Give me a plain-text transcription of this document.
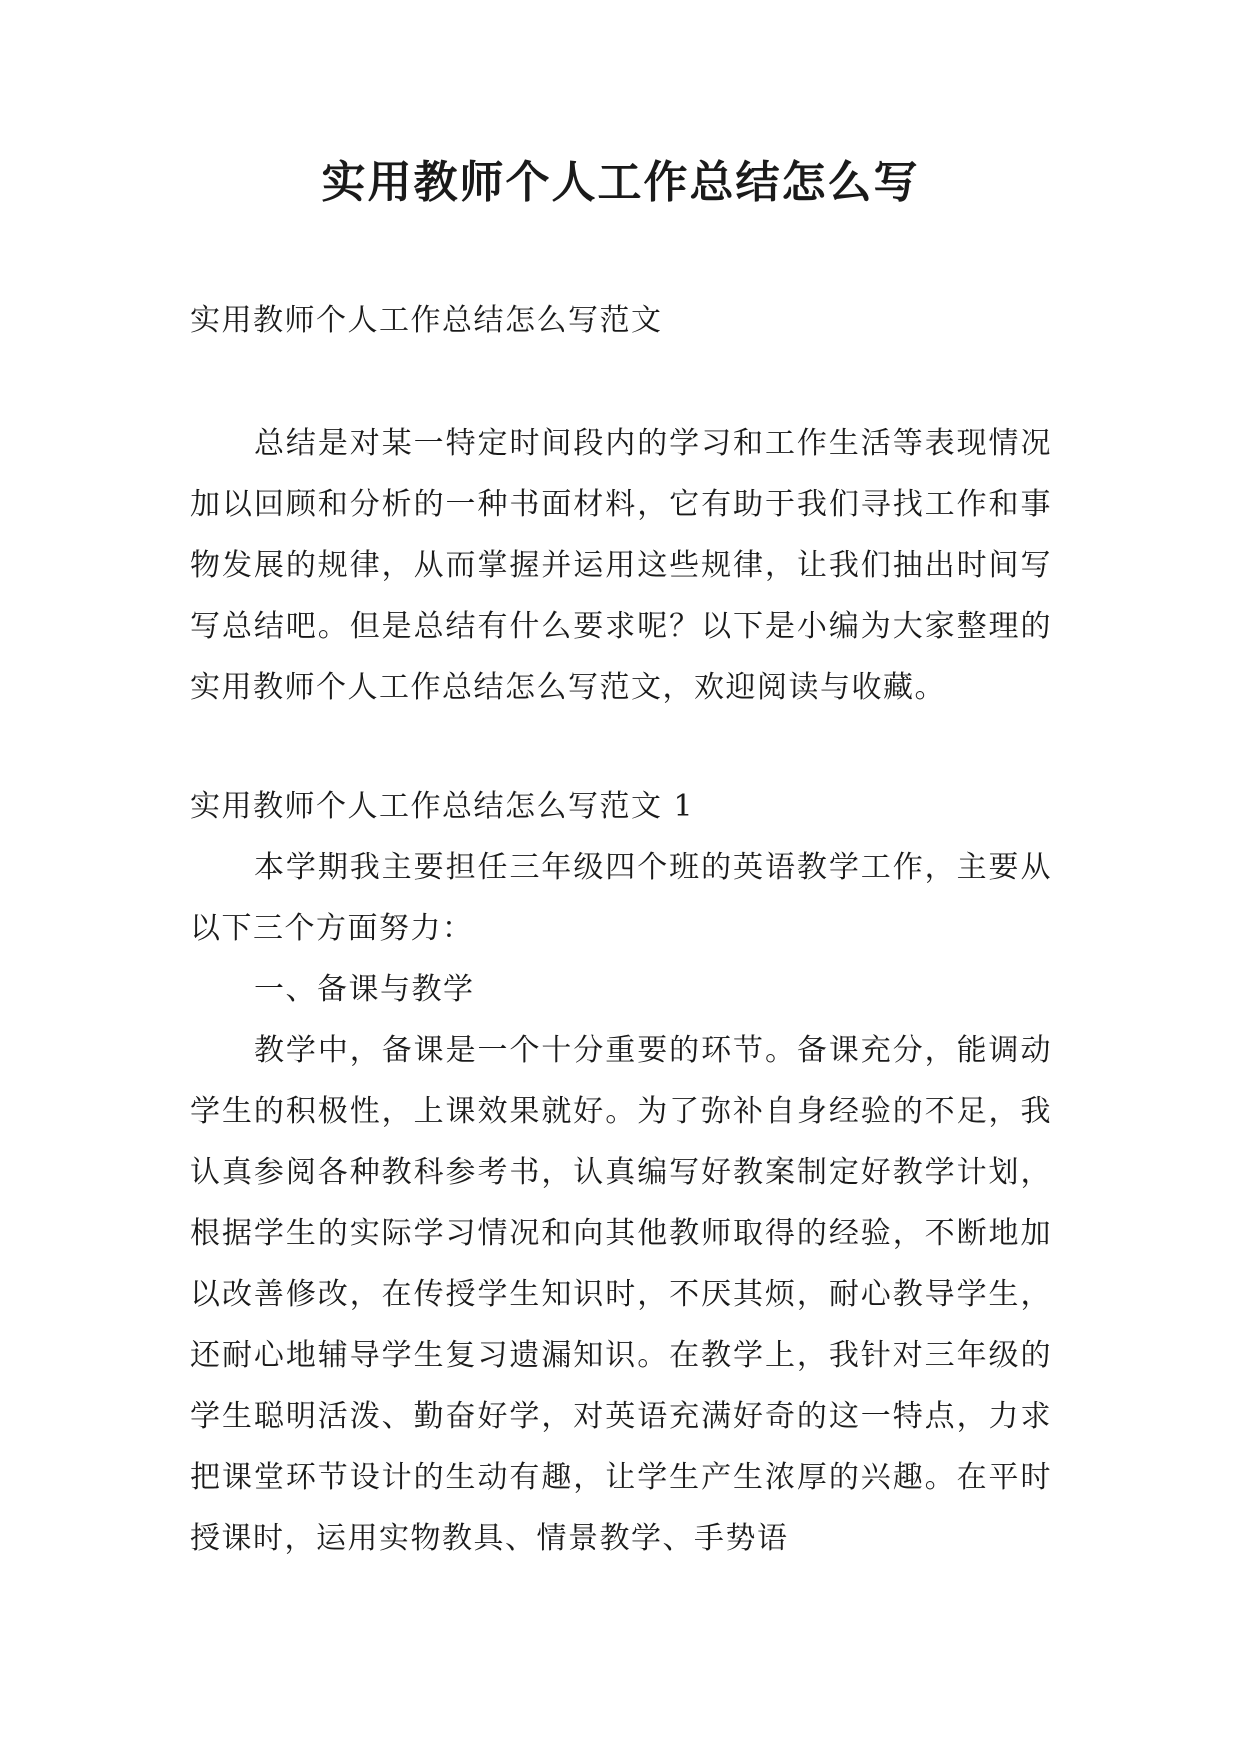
实用教师个人工作总结怎么写

实用教师个人工作总结怎么写范文

总结是对某一特定时间段内的学习和工作生活等表现情况加以回顾和分析的一种书面材料，它有助于我们寻找工作和事物发展的规律，从而掌握并运用这些规律，让我们抽出时间写写总结吧。但是总结有什么要求呢？以下是小编为大家整理的实用教师个人工作总结怎么写范文，欢迎阅读与收藏。

实用教师个人工作总结怎么写范文 1

本学期我主要担任三年级四个班的英语教学工作，主要从以下三个方面努力：

一、备课与教学

教学中，备课是一个十分重要的环节。备课充分，能调动学生的积极性，上课效果就好。为了弥补自身经验的不足，我认真参阅各种教科参考书，认真编写好教案制定好教学计划，根据学生的实际学习情况和向其他教师取得的经验，不断地加以改善修改，在传授学生知识时，不厌其烦，耐心教导学生，还耐心地辅导学生复习遗漏知识。在教学上，我针对三年级的学生聪明活泼、勤奋好学，对英语充满好奇的这一特点，力求把课堂环节设计的生动有趣，让学生产生浓厚的兴趣。在平时授课时，运用实物教具、情景教学、手势语
